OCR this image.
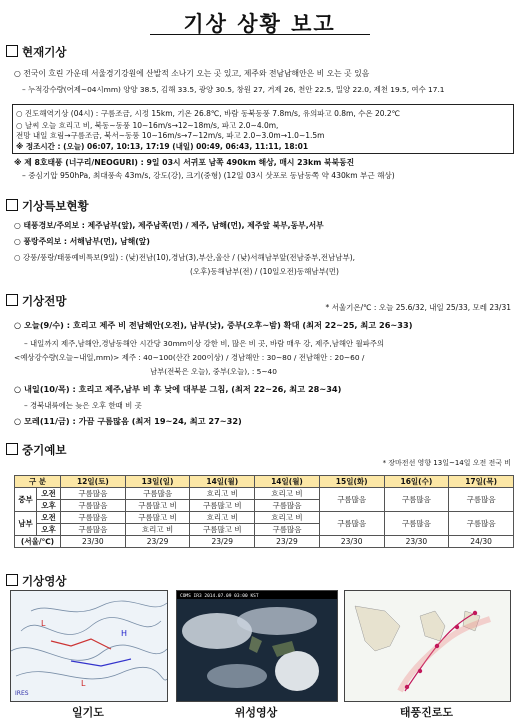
기상 상황 보고
현재기상
○ 전국이 흐린 가운데 서울경기강원에 산발적 소나기 오는 곳 있고, 제주와 전남남해안은 비 오는 곳 있음
– 누적강수량(어제~04시mm) 양양 38.5, 김해 33.5, 광양 30.5, 창원 27, 거제 26, 천안 22.5, 밀양 22.0, 제천 19.5, 여수 17.1
○ 진도해역기상 (04시) : 구름조금, 시정 15km, 기온 26.8℃, 바람 동북동풍 7.8m/s, 유의파고 0.8m, 수온 20.2℃
○ 날씨 오늘 흐리고 비, 북동~동풍 10~16m/s→12~18m/s, 파고 2.0~4.0m,
전망 내일 흐림→구름조금, 북서~동풍 10~16m/s→7~12m/s, 파고 2.0~3.0m→1.0~1.5m
※ 정조시간 : (오늘) 06:07, 10:13, 17:19 (내일) 00:49, 06:43, 11:11, 18:01
※ 제 8호태풍 (너구리/NEOGURI) : 9일 03시 서귀포 남쪽 490km 해상, 매시 23km 북북동진
– 중심기압 950hPa, 최대풍속 43m/s, 강도(강), 크기(중형) (12일 03시 삿포로 동남동쪽 약 430km 부근 해상)
기상특보현황
○ 태풍경보/주의보 : 제주남부(앞), 제주남쪽(먼) / 제주, 남해(먼), 제주앞 북부,동부,서부
○ 풍랑주의보 : 서해남부(먼), 남해(앞)
○ 강풍/풍랑/태풍예비특보(9일) : (낮)전남(10),경남(3),부산,울산 / (낮)서해남부앞(전남중부,전남남부),
(오후)동해남부(전) / (10일오전)동해남부(먼)
기상전망	* 서울기온/℃ : 오늘 25.6/32, 내일 25/33, 모레 23/31
○ 오늘(9/수) : 흐리고 제주 비 전남해안(오전), 남부(낮), 중부(오후~밤) 확대 (최저 22~25, 최고 26~33)
– 내일까지 제주,남해안,경남동해안 시간당 30mm이상 강한 비, 많은 비 곳, 바람 매우 강, 제주,남해안 월파주의
<예상강수량(오늘~내일,mm)> 제주 : 40~100(산간 200이상) / 경남해안 : 30~80 / 전남해안 : 20~60 /
남부(전북은 오늘), 중부(오늘), : 5~40
○ 내일(10/목) : 흐리고 제주,남부 비 후 낮에 대부분 그침, (최저 22~26, 최고 28~34)
– 경북내륙에는 늦은 오후 한때 비 곳
○ 모레(11/금) : 가끔 구름많음 (최저 19~24, 최고 27~32)
중기예보
* 장마전선 영향 13일~14일 오전 전국 비
구 분		12일(토)	13일(일)	14일(월)	14일(월)	15일(화)	16일(수)	17일(목)
중부	오전	구름많음	구름많음	흐리고 비	흐리고 비	구름많음	구름많음	구름많음
	오후	구름많음	구름많고 비	구름많고 비	구름많음			
남부	오전	구름많음	구름많고 비	흐리고 비	흐리고 비	구름많음	구름많음	구름많음
	오후	구름많음	흐리고 비	구름많고 비	구름많음			
(서울/℃)		23/30	23/29	23/29	23/29	23/30	23/30	24/30
기상영상
L
H
L
IRES
COMS IR3 2014.07.09 03:00 KST
일기도	위성영상	태풍진로도
